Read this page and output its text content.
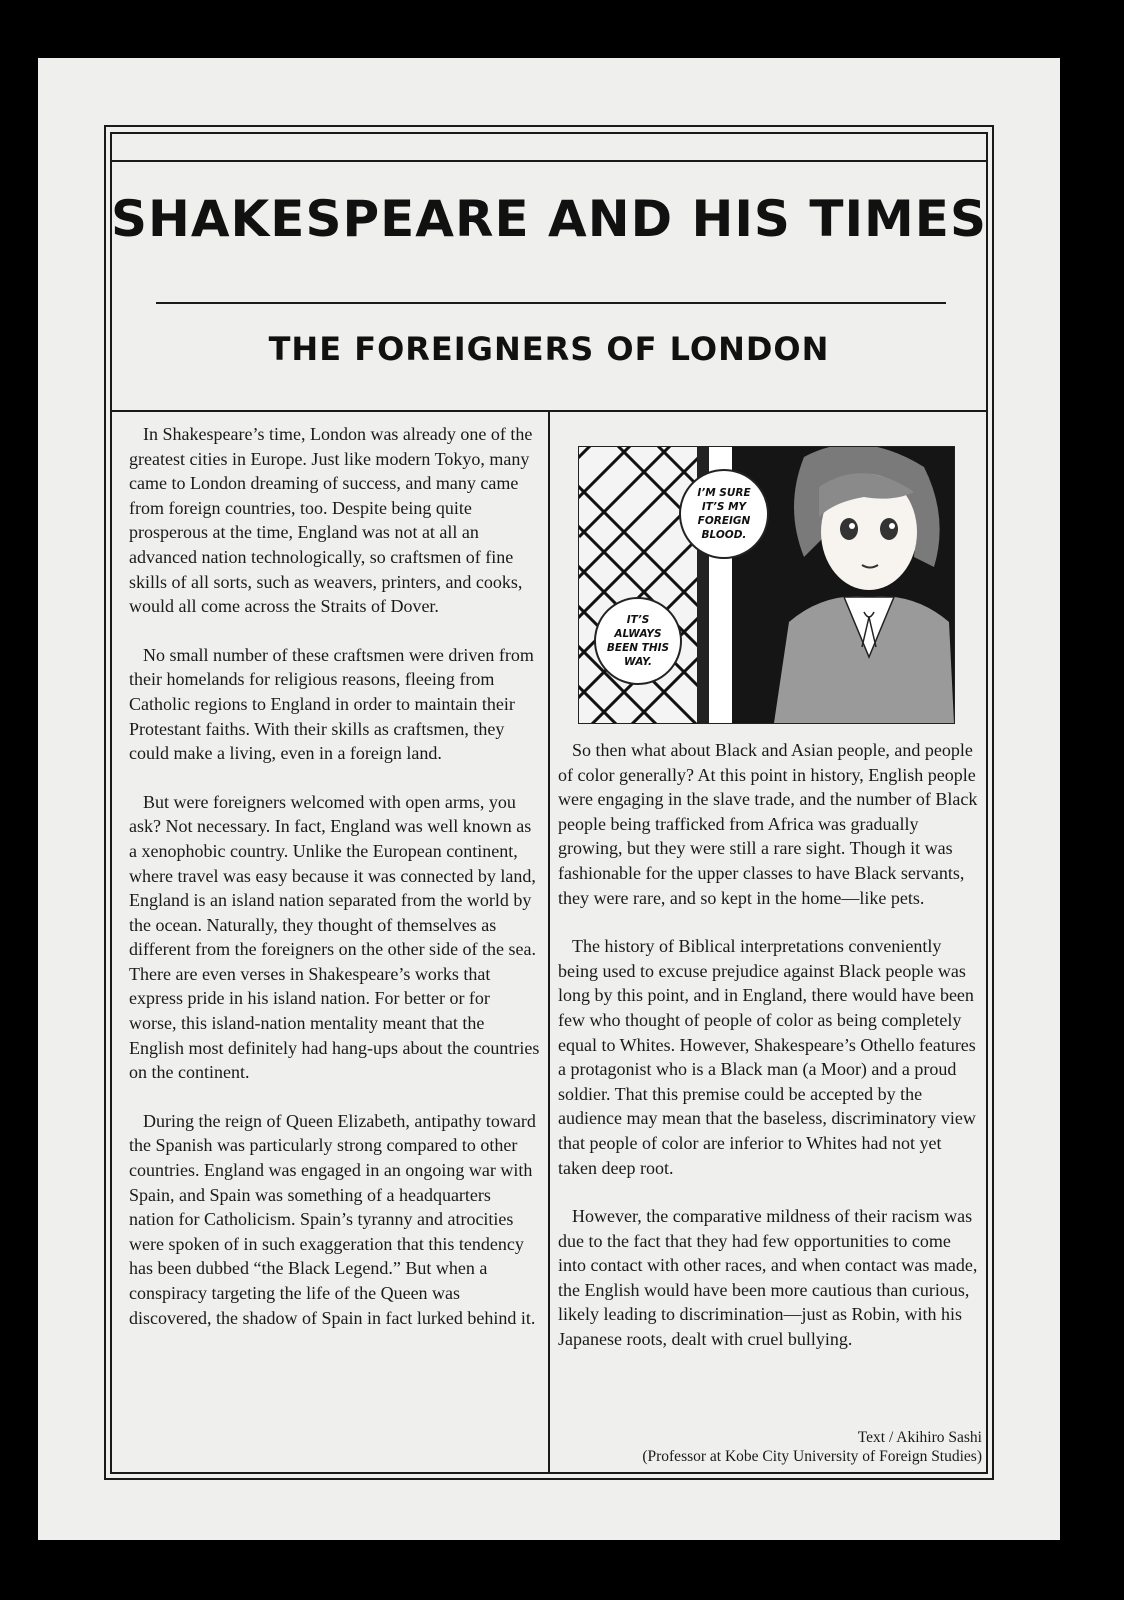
SHAKESPEARE AND HIS TIMES
THE FOREIGNERS OF LONDON

In Shakespeare’s time, London was already one of the greatest cities in Europe. Just like modern Tokyo, many came to London dreaming of success, and many came from foreign countries, too. Despite being quite prosperous at the time, England was not at all an advanced nation technologically, so craftsmen of fine skills of all sorts, such as weavers, printers, and cooks, would all come across the Straits of Dover.

No small number of these craftsmen were driven from their homelands for religious reasons, fleeing from Catholic regions to England in order to maintain their Protestant faiths. With their skills as craftsmen, they could make a living, even in a foreign land.

But were foreigners welcomed with open arms, you ask? Not necessary. In fact, England was well known as a xenophobic country. Unlike the European continent, where travel was easy because it was connected by land, England is an island nation separated from the world by the ocean. Naturally, they thought of themselves as different from the foreigners on the other side of the sea. There are even verses in Shakespeare’s works that express pride in his island nation. For better or for worse, this island-nation mentality meant that the English most definitely had hang-ups about the countries on the continent.

During the reign of Queen Elizabeth, antipathy toward the Spanish was particularly strong compared to other countries. England was engaged in an ongoing war with Spain, and Spain was something of a headquarters nation for Catholicism. Spain’s tyranny and atrocities were spoken of in such exaggeration that this tendency has been dubbed “the Black Legend.” But when a conspiracy targeting the life of the Queen was discovered, the shadow of Spain in fact lurked behind it.

I’M SURE
IT’S MY
FOREIGN
BLOOD.
IT’S
ALWAYS
BEEN THIS
WAY.

So then what about Black and Asian people, and people of color generally? At this point in history, English people were engaging in the slave trade, and the number of Black people being trafficked from Africa was gradually growing, but they were still a rare sight. Though it was fashionable for the upper classes to have Black servants, they were rare, and so kept in the home—like pets.

The history of Biblical interpretations conveniently being used to excuse prejudice against Black people was long by this point, and in England, there would have been few who thought of people of color as being completely equal to Whites. However, Shakespeare’s Othello features a protagonist who is a Black man (a Moor) and a proud soldier. That this premise could be accepted by the audience may mean that the baseless, discriminatory view that people of color are inferior to Whites had not yet taken deep root.

However, the comparative mildness of their racism was due to the fact that they had few opportunities to come into contact with other races, and when contact was made, the English would have been more cautious than curious, likely leading to discrimination—just as Robin, with his Japanese roots, dealt with cruel bullying.

Text / Akihiro Sashi
(Professor at Kobe City University of Foreign Studies)
